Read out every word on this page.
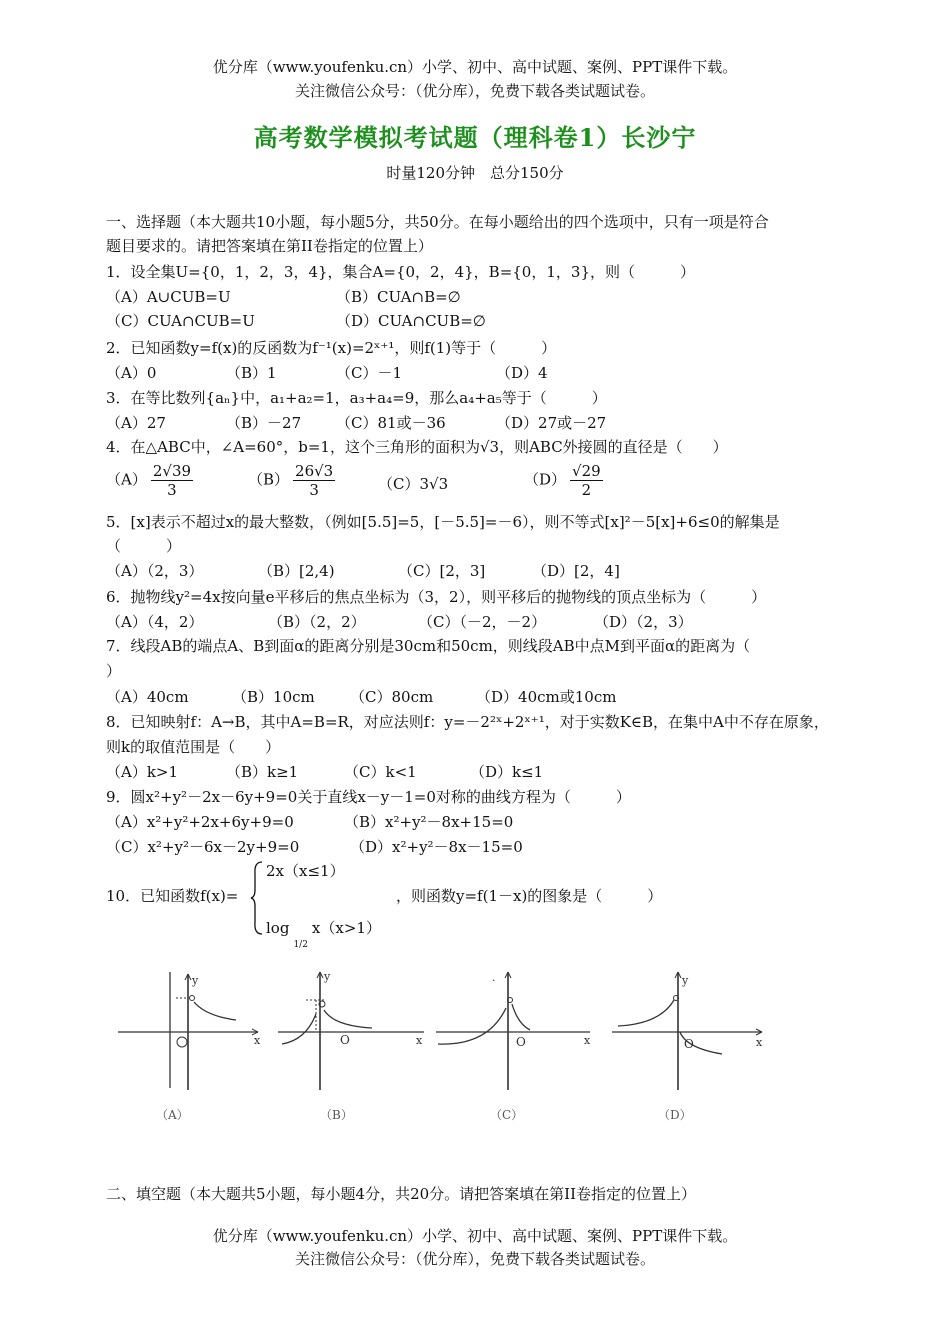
优分库（www.youfenku.cn）小学、初中、高中试题、案例、PPT课件下载。
关注微信公众号：（优分库），免费下载各类试题试卷。
高考数学模拟考试题（理科卷1）长沙宁
时量120分钟　总分150分
一、选择题（本大题共10小题，每小题5分，共50分。在每小题给出的四个选项中，只有一项是符合
题目要求的。请把答案填在第II卷指定的位置上）
1．设全集U={0，1，2，3，4}，集合A={0，2，4}，B={0，1，3}，则（　　　）
（A）A∪CUB=U	（B）CUA∩B=∅
（C）CUA∩CUB=U	（D）CUA∩CUB=∅
2．已知函数y=f(x)的反函数为f⁻¹(x)=2ˣ⁺¹，则f(1)等于（　　　）
（A）0	（B）1	（C）－1	（D）4
3．在等比数列{aₙ}中，a₁+a₂=1，a₃+a₄=9，那么a₄+a₅等于（　　　）
（A）27	（B）－27 （C）81或－36	（D）27或－27
4．在△ABC中，∠A=60°，b=1，这个三角形的面积为√3，则ABC外接圆的直径是（　　）
$(A) \frac{2√39}{3}$	$(B) \frac{26√3}{3}$	（C）3√3	$(D) \frac{√29}{2}$
5．[x]表示不超过x的最大整数，（例如[5.5]=5，[－5.5]=－6），则不等式[x]²－5[x]+6≤0的解集是
（　　　）
（A）（2，3）	（B）[2,4)	（C）[2，3]	（D）[2，4]
6．抛物线y²=4x按向量e平移后的焦点坐标为（3，2），则平移后的抛物线的顶点坐标为（　　　）
（A）（4，2）	（B）（2，2）	（C）（－2，－2）	（D）（2，3）
7．线段AB的端点A、B到面α的距离分别是30cm和50cm，则线段AB中点M到平面α的距离为（
）
（A）40cm	（B）10cm （C）80cm	（D）40cm或10cm
8．已知映射f：A→B，其中A=B=R，对应法则f：y=－2²ˣ+2ˣ⁺¹，对于实数K∈B，在集中A中不存在原象，
则k的取值范围是（　　）
（A）k>1	（B）k≥1	（C）k<1	（D）k≤1
9．圆x²+y²－2x－6y+9=0关于直线x－y－1=0对称的曲线方程为（　　　）
（A）x²+y²+2x+6y+9=0	（B）x²+y²－8x+15=0
（C）x²+y²－6x－2y+9=0	（D）x²+y²－8x－15=0
10．已知函数f(x)=
2x（x≤1）
$\log_{1/2}x(x>1)$
，则函数y=f(1－x)的图象是（　　　）
x
y
O	x
y
O	x
·
O	x
y
（A）	（B）	（C）	（D）
二、填空题（本大题共5小题，每小题4分，共20分。请把答案填在第II卷指定的位置上）
优分库（www.youfenku.cn）小学、初中、高中试题、案例、PPT课件下载。
关注微信公众号：（优分库），免费下载各类试题试卷。
